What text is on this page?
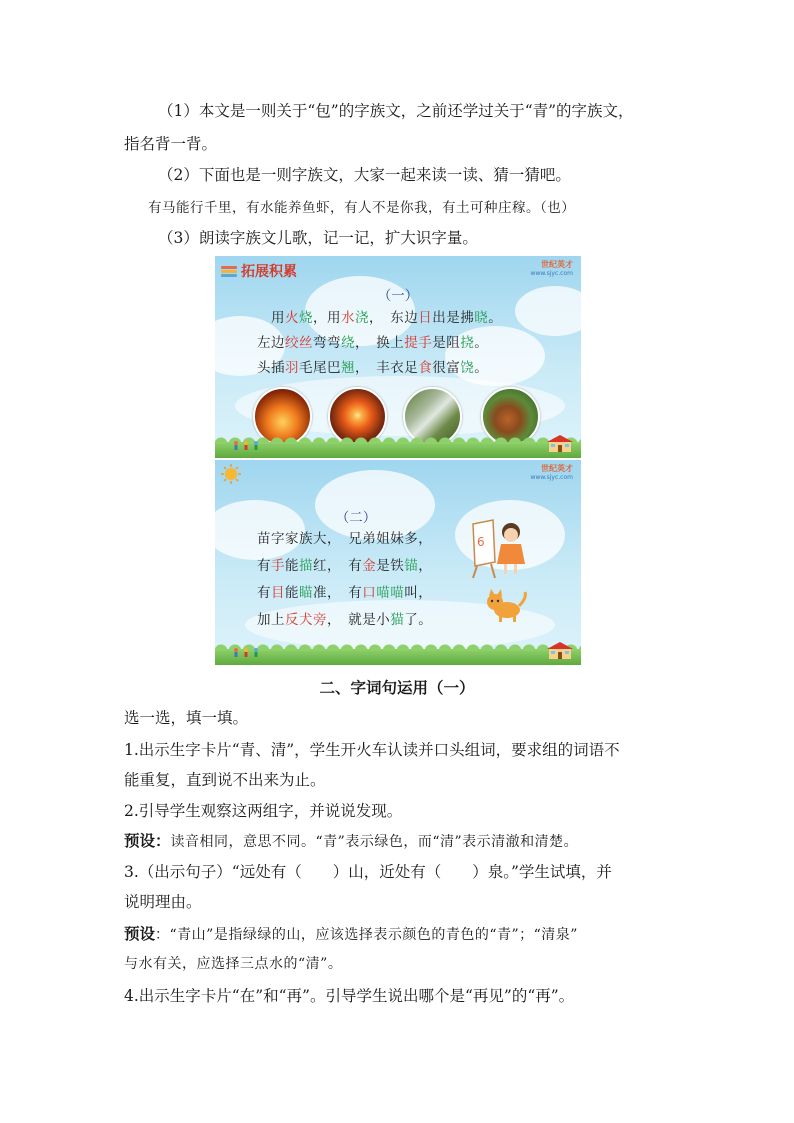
（1）本文是一则关于“包”的字族文，之前还学过关于“青”的字族文，
指名背一背。
（2）下面也是一则字族文，大家一起来读一读、猜一猜吧。
有马能行千里，有水能养鱼虾，有人不是你我，有土可种庄稼。（也）
（3）朗读字族文儿歌，记一记，扩大识字量。
拓展积累	世纪英才
www.sjyc.com
（一）
用火烧，用水浇，　东边日出是拂晓。
左边绞丝弯弯绕，　换上提手是阻挠。
头插羽毛尾巴翘，　丰衣足食很富饶。
世纪英才
www.sjyc.com
（二）
苗字家族大，　兄弟姐妹多，
有手能描红，　有金是铁锚，
有目能瞄准，　有口喵喵叫，
加上反犬旁，　就是小猫了。
6
二、字词句运用（一）
选一选，填一填。
1.出示生字卡片“青、清”，学生开火车认读并口头组词，要求组的词语不
能重复，直到说不出来为止。
2.引导学生观察这两组字，并说说发现。
预设：读音相同，意思不同。“青”表示绿色，而“清”表示清澈和清楚。
3.（出示句子）“远处有（　　）山，近处有（　　）泉。”学生试填，并
说明理由。
预设：“青山”是指绿绿的山，应该选择表示颜色的青色的“青”；“清泉”
与水有关，应选择三点水的“清”。
4.出示生字卡片“在”和“再”。引导学生说出哪个是“再见”的“再”。
